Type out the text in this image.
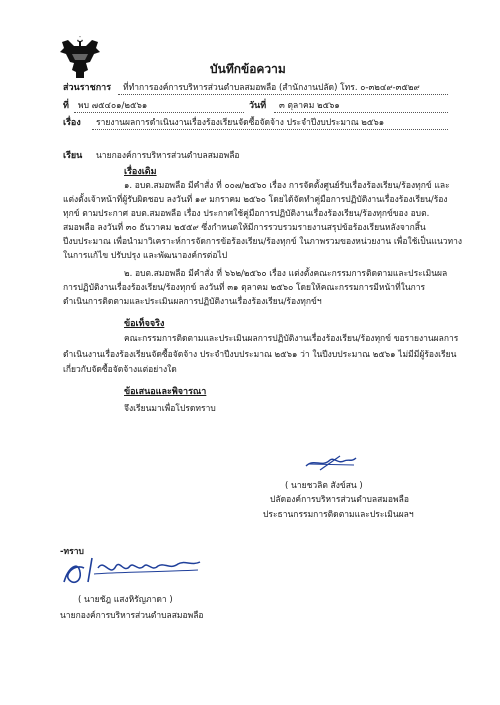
บันทึกข้อความ
ส่วนราชการ ที่ทำการองค์การบริหารส่วนตำบลสมอพลือ (สำนักงานปลัด) โทร. ๐-๓๒๔๙-๓๕๒๙
ที่ พบ ๗๕๔๐๑/๒๕๖๑	วันที่ ๓ ตุลาคม ๒๕๖๑
เรื่อง รายงานผลการดำเนินงานเรื่องร้องเรียนจัดซื้อจัดจ้าง ประจำปีงบประมาณ ๒๕๖๑
เรียน นายกองค์การบริหารส่วนตำบลสมอพลือ
เรื่องเดิม
๑. อบต.สมอพลือ มีคำสั่ง ที่ ๐๐๗/๒๕๖๐ เรื่อง การจัดตั้งศูนย์รับเรื่องร้องเรียน/ร้องทุกข์ และ
แต่งตั้งเจ้าหน้าที่ผู้รับผิดชอบ ลงวันที่ ๑๙ มกราคม ๒๕๖๐ โดยได้จัดทำคู่มือการปฏิบัติงานเรื่องร้องเรียน/ร้อง
ทุกข์ ตามประกาศ อบต.สมอพลือ เรื่อง ประกาศใช้คู่มือการปฏิบัติงานเรื่องร้องเรียน/ร้องทุกข์ของ อบต.
สมอพลือ ลงวันที่ ๓๐ ธันวาคม ๒๕๕๙ ซึ่งกำหนดให้มีการรวบรวมรายงานสรุปข้อร้องเรียนหลังจากสิ้น
ปีงบประมาณ เพื่อนำมาวิเคราะห์การจัดการข้อร้องเรียน/ร้องทุกข์ ในภาพรวมของหน่วยงาน เพื่อใช้เป็นแนวทาง
ในการแก้ไข ปรับปรุง และพัฒนาองค์กรต่อไป
๒. อบต.สมอพลือ มีคำสั่ง ที่ ๖๖๒/๒๕๖๐ เรื่อง แต่งตั้งคณะกรรมการติดตามและประเมินผล
การปฏิบัติงานเรื่องร้องเรียน/ร้องทุกข์ ลงวันที่ ๓๑ ตุลาคม ๒๕๖๐ โดยให้คณะกรรมการมีหน้าที่ในการ
ดำเนินการติดตามและประเมินผลการปฏิบัติงานเรื่องร้องเรียน/ร้องทุกข์ฯ
ข้อเท็จจริง
คณะกรรมการติดตามและประเมินผลการปฏิบัติงานเรื่องร้องเรียน/ร้องทุกข์ ขอรายงานผลการ
ดำเนินงานเรื่องร้องเรียนจัดซื้อจัดจ้าง ประจำปีงบประมาณ ๒๕๖๑ ว่า ในปีงบประมาณ ๒๕๖๑ ไม่มีมีผู้ร้องเรียน
เกี่ยวกับจัดซื้อจัดจ้างแต่อย่างใด
ข้อเสนอและพิจารณา
จึงเรียนมาเพื่อโปรดทราบ
( นายชวลิต สังข์สน )
ปลัดองค์การบริหารส่วนตำบลสมอพลือ
ประธานกรรมการติดตามและประเมินผลฯ
-ทราบ
( นายชัฎ แสงหิรัญภาดา )
นายกองค์การบริหารส่วนตำบลสมอพลือ
